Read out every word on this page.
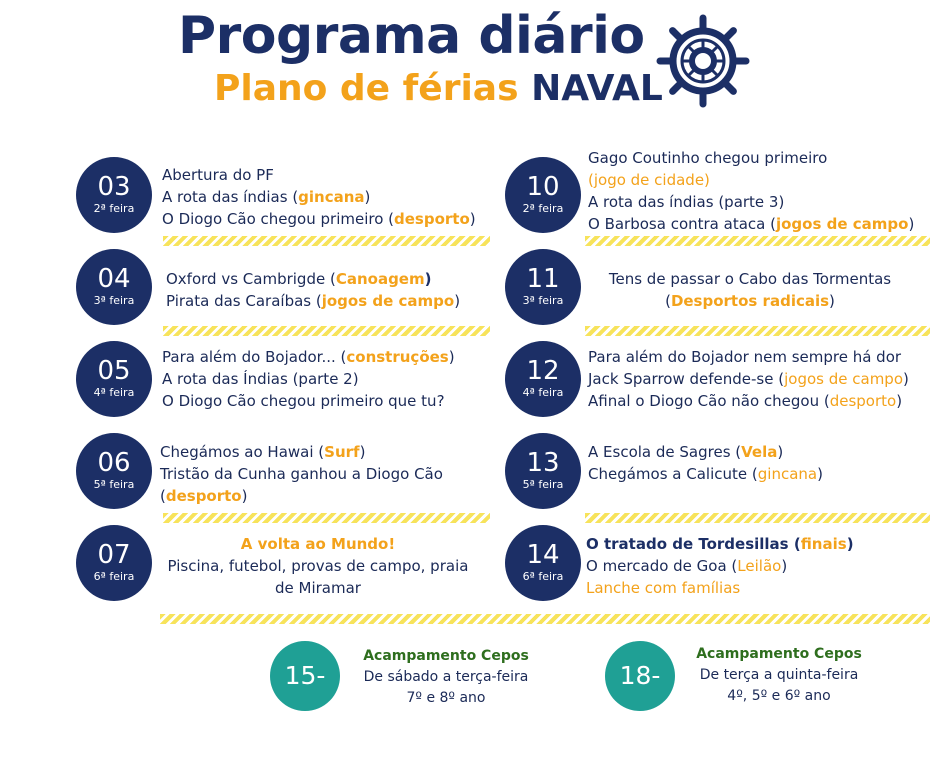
Programa diário
Plano de férias NAVAL
03
2ª feira
Abertura do PF
A rota das índias (gincana)
O Diogo Cão chegou primeiro (desporto)
04
3ª feira
Oxford vs Cambrigde (Canoagem)
Pirata das Caraíbas (jogos de campo)
05
4ª feira
Para além do Bojador... (construções)
A rota das Índias (parte 2)
O Diogo Cão chegou primeiro que tu?
06
5ª feira
Chegámos ao Hawai (Surf)
Tristão da Cunha ganhou a Diogo Cão
(desporto)
07
6ª feira
A volta ao Mundo!
Piscina, futebol, provas de campo, praia
de Miramar
10
2ª feira
Gago Coutinho chegou primeiro
(jogo de cidade)
A rota das índias (parte 3)
O Barbosa contra ataca (jogos de campo)
11
3ª feira
Tens de passar o Cabo das Tormentas
(Desportos radicais)
12
4ª feira
Para além do Bojador nem sempre há dor
Jack Sparrow defende-se (jogos de campo)
Afinal o Diogo Cão não chegou (desporto)
13
5ª feira
A Escola de Sagres (Vela)
Chegámos a Calicute (gincana)
14
6ª feira
O tratado de Tordesillas (finais)
O mercado de Goa (Leilão)
Lanche com famílias
15-18
Acampamento Cepos
De sábado a terça-feira
7º e 8º ano
18-20
Acampamento Cepos
De terça a quinta-feira
4º, 5º e 6º ano
